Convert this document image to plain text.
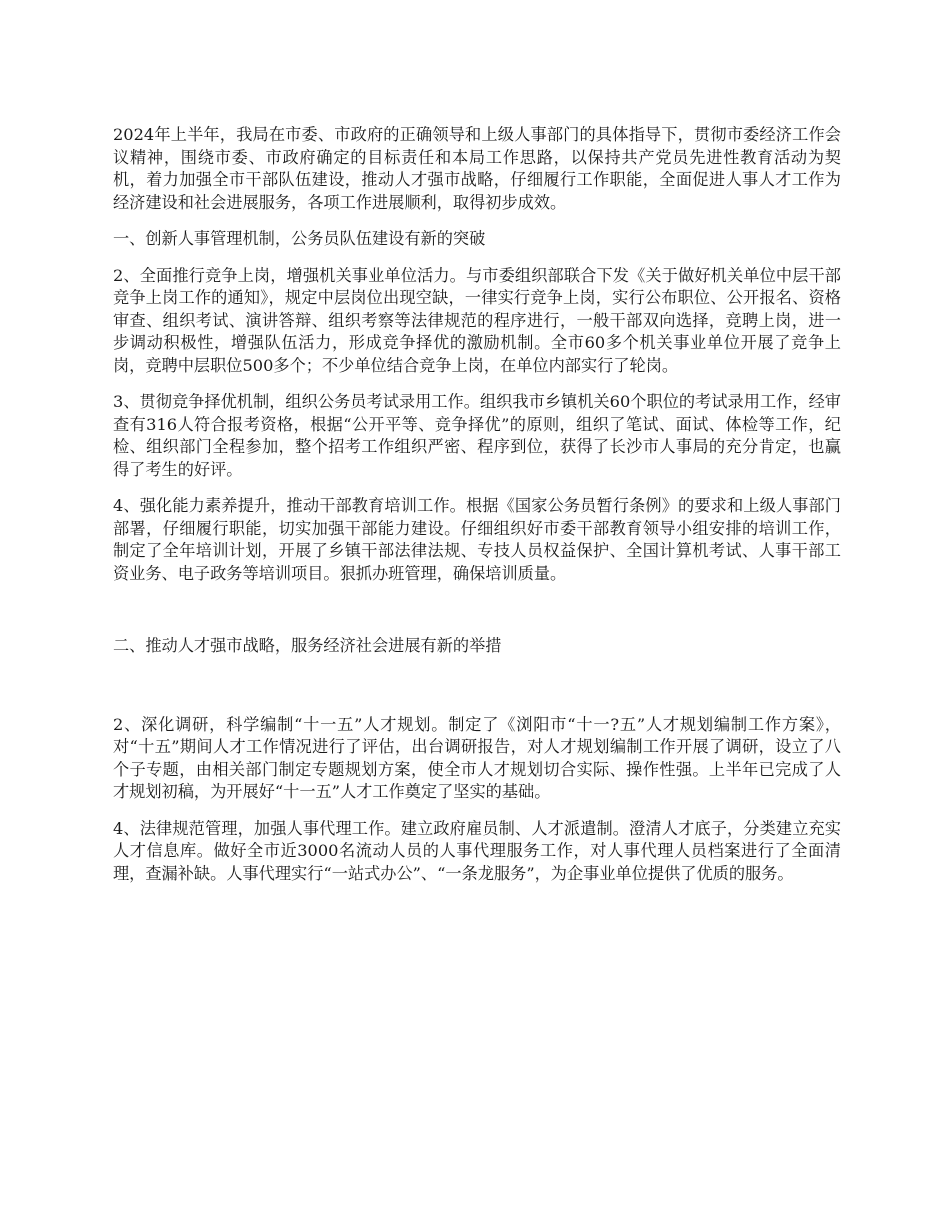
2024年上半年，我局在市委、市政府的正确领导和上级人事部门的具体指导下，贯彻市委经济工作会议精神，围绕市委、市政府确定的目标责任和本局工作思路，以保持共产党员先进性教育活动为契机，着力加强全市干部队伍建设，推动人才强市战略，仔细履行工作职能，全面促进人事人才工作为经济建设和社会进展服务，各项工作进展顺利，取得初步成效。

一、创新人事管理机制，公务员队伍建设有新的突破

2、全面推行竞争上岗，增强机关事业单位活力。与市委组织部联合下发《关于做好机关单位中层干部竞争上岗工作的通知》，规定中层岗位出现空缺，一律实行竞争上岗，实行公布职位、公开报名、资格审查、组织考试、演讲答辩、组织考察等法律规范的程序进行，一般干部双向选择，竞聘上岗，进一步调动积极性，增强队伍活力，形成竞争择优的激励机制。全市60多个机关事业单位开展了竞争上岗，竞聘中层职位500多个；不少单位结合竞争上岗，在单位内部实行了轮岗。

3、贯彻竞争择优机制，组织公务员考试录用工作。组织我市乡镇机关60个职位的考试录用工作，经审查有316人符合报考资格，根据“公开平等、竞争择优”的原则，组织了笔试、面试、体检等工作，纪检、组织部门全程参加，整个招考工作组织严密、程序到位，获得了长沙市人事局的充分肯定，也赢得了考生的好评。

4、强化能力素养提升，推动干部教育培训工作。根据《国家公务员暂行条例》的要求和上级人事部门部署，仔细履行职能，切实加强干部能力建设。仔细组织好市委干部教育领导小组安排的培训工作，制定了全年培训计划，开展了乡镇干部法律法规、专技人员权益保护、全国计算机考试、人事干部工资业务、电子政务等培训项目。狠抓办班管理，确保培训质量。

二、推动人才强市战略，服务经济社会进展有新的举措

2、深化调研，科学编制“十一五”人才规划。制定了《浏阳市“十一?五”人才规划编制工作方案》，对“十五”期间人才工作情况进行了评估，出台调研报告，对人才规划编制工作开展了调研，设立了八个子专题，由相关部门制定专题规划方案，使全市人才规划切合实际、操作性强。上半年已完成了人才规划初稿，为开展好“十一五”人才工作奠定了坚实的基础。

4、法律规范管理，加强人事代理工作。建立政府雇员制、人才派遣制。澄清人才底子，分类建立充实人才信息库。做好全市近3000名流动人员的人事代理服务工作，对人事代理人员档案进行了全面清理，查漏补缺。人事代理实行“一站式办公”、“一条龙服务”，为企事业单位提供了优质的服务。
